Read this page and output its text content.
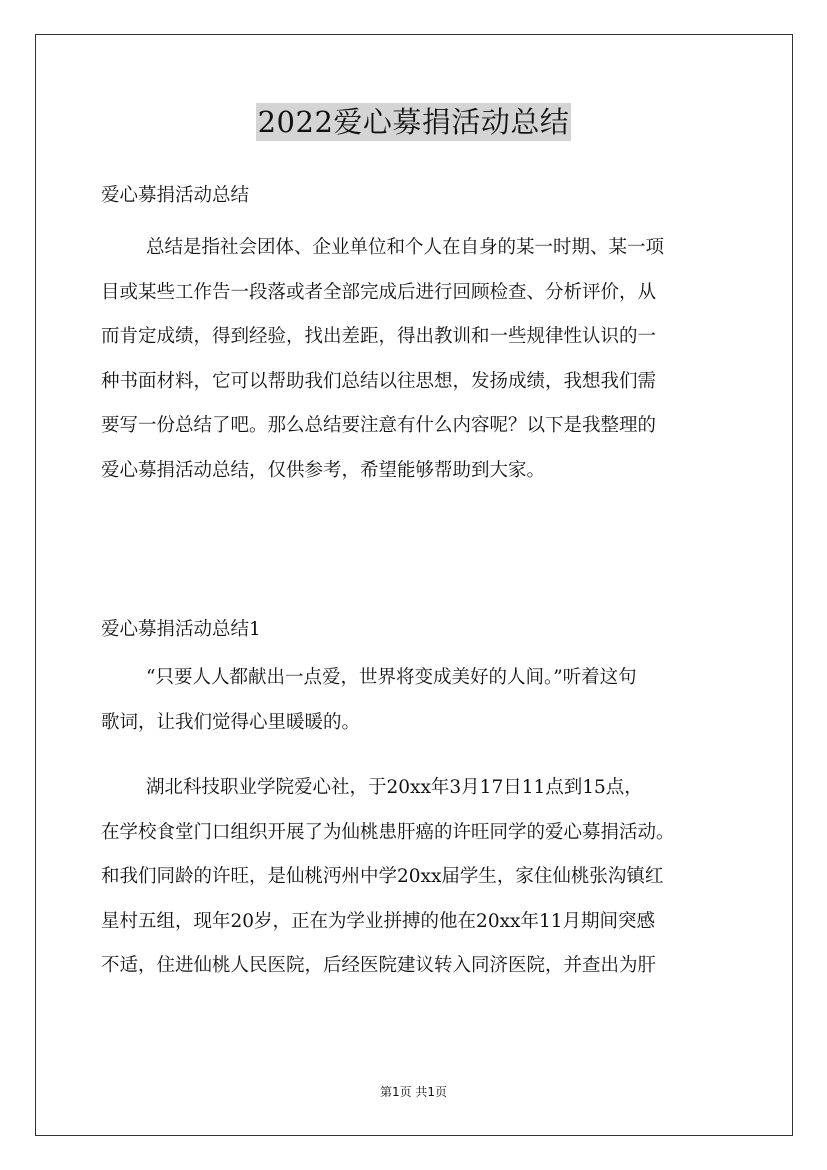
2022爱心募捐活动总结
爱心募捐活动总结
总结是指社会团体、企业单位和个人在自身的某一时期、某一项
目或某些工作告一段落或者全部完成后进行回顾检查、分析评价，从
而肯定成绩，得到经验，找出差距，得出教训和一些规律性认识的一
种书面材料，它可以帮助我们总结以往思想，发扬成绩，我想我们需
要写一份总结了吧。那么总结要注意有什么内容呢？以下是我整理的
爱心募捐活动总结，仅供参考，希望能够帮助到大家。
爱心募捐活动总结1
“只要人人都献出一点爱，世界将变成美好的人间。”听着这句
歌词，让我们觉得心里暖暖的。
湖北科技职业学院爱心社，于20xx年3月17日11点到15点，
在学校食堂门口组织开展了为仙桃患肝癌的许旺同学的爱心募捐活动。
和我们同龄的许旺，是仙桃沔州中学20xx届学生，家住仙桃张沟镇红
星村五组，现年20岁，正在为学业拼搏的他在20xx年11月期间突感
不适，住进仙桃人民医院，后经医院建议转入同济医院，并查出为肝
第1页 共1页
